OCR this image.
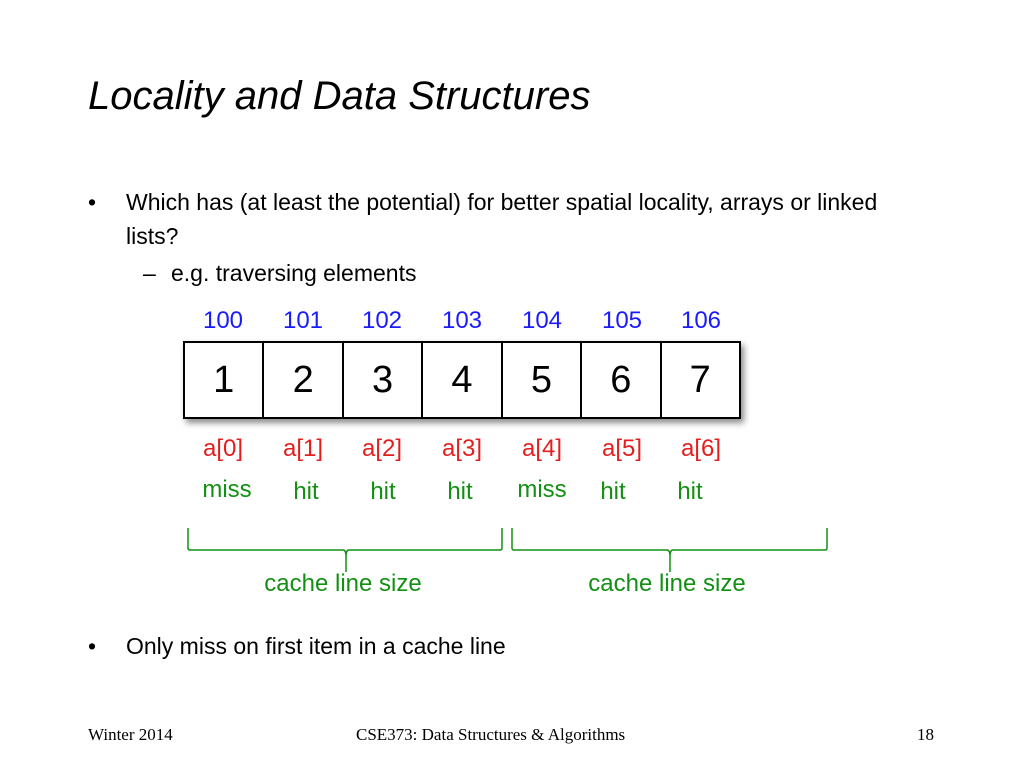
Locality and Data Structures
• Which has (at least the potential) for better spatial locality, arrays or linked lists?
– e.g. traversing elements
100	101	102	103	104	105	106
1	2	3	4	5	6	7
a[0]	a[1]	a[2]	a[3]	a[4]	a[5]	a[6]
miss	hit	hit	hit	miss	hit	hit
cache line size	cache line size
• Only miss on first item in a cache line
Winter 2014	CSE373: Data Structures & Algorithms	18
